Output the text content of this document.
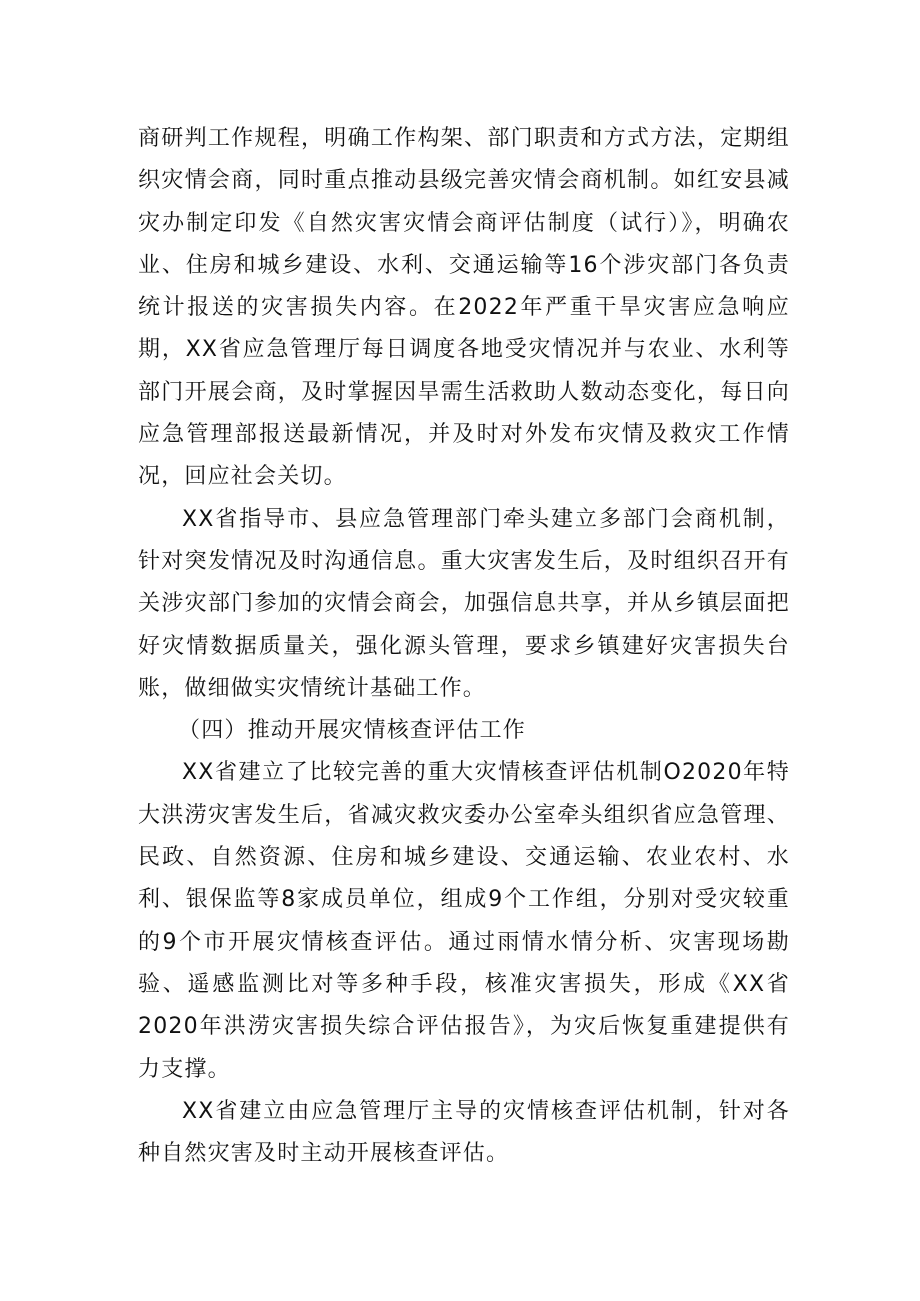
商研判工作规程，明确工作构架、部门职责和方式方法，定期组织灾情会商，同时重点推动县级完善灾情会商机制。如红安县减灾办制定印发《自然灾害灾情会商评估制度（试行）》，明确农业、住房和城乡建设、水利、交通运输等16个涉灾部门各负责统计报送的灾害损失内容。在2022年严重干旱灾害应急响应期，XX省应急管理厅每日调度各地受灾情况并与农业、水利等部门开展会商，及时掌握因旱需生活救助人数动态变化，每日向应急管理部报送最新情况，并及时对外发布灾情及救灾工作情况，回应社会关切。

XX省指导市、县应急管理部门牵头建立多部门会商机制，针对突发情况及时沟通信息。重大灾害发生后，及时组织召开有关涉灾部门参加的灾情会商会，加强信息共享，并从乡镇层面把好灾情数据质量关，强化源头管理，要求乡镇建好灾害损失台账，做细做实灾情统计基础工作。

（四）推动开展灾情核查评估工作

XX省建立了比较完善的重大灾情核查评估机制O2020年特大洪涝灾害发生后，省减灾救灾委办公室牵头组织省应急管理、民政、自然资源、住房和城乡建设、交通运输、农业农村、水利、银保监等8家成员单位，组成9个工作组，分别对受灾较重的9个市开展灾情核查评估。通过雨情水情分析、灾害现场勘验、遥感监测比对等多种手段，核准灾害损失，形成《XX省2020年洪涝灾害损失综合评估报告》，为灾后恢复重建提供有力支撑。

XX省建立由应急管理厅主导的灾情核查评估机制，针对各种自然灾害及时主动开展核查评估。
